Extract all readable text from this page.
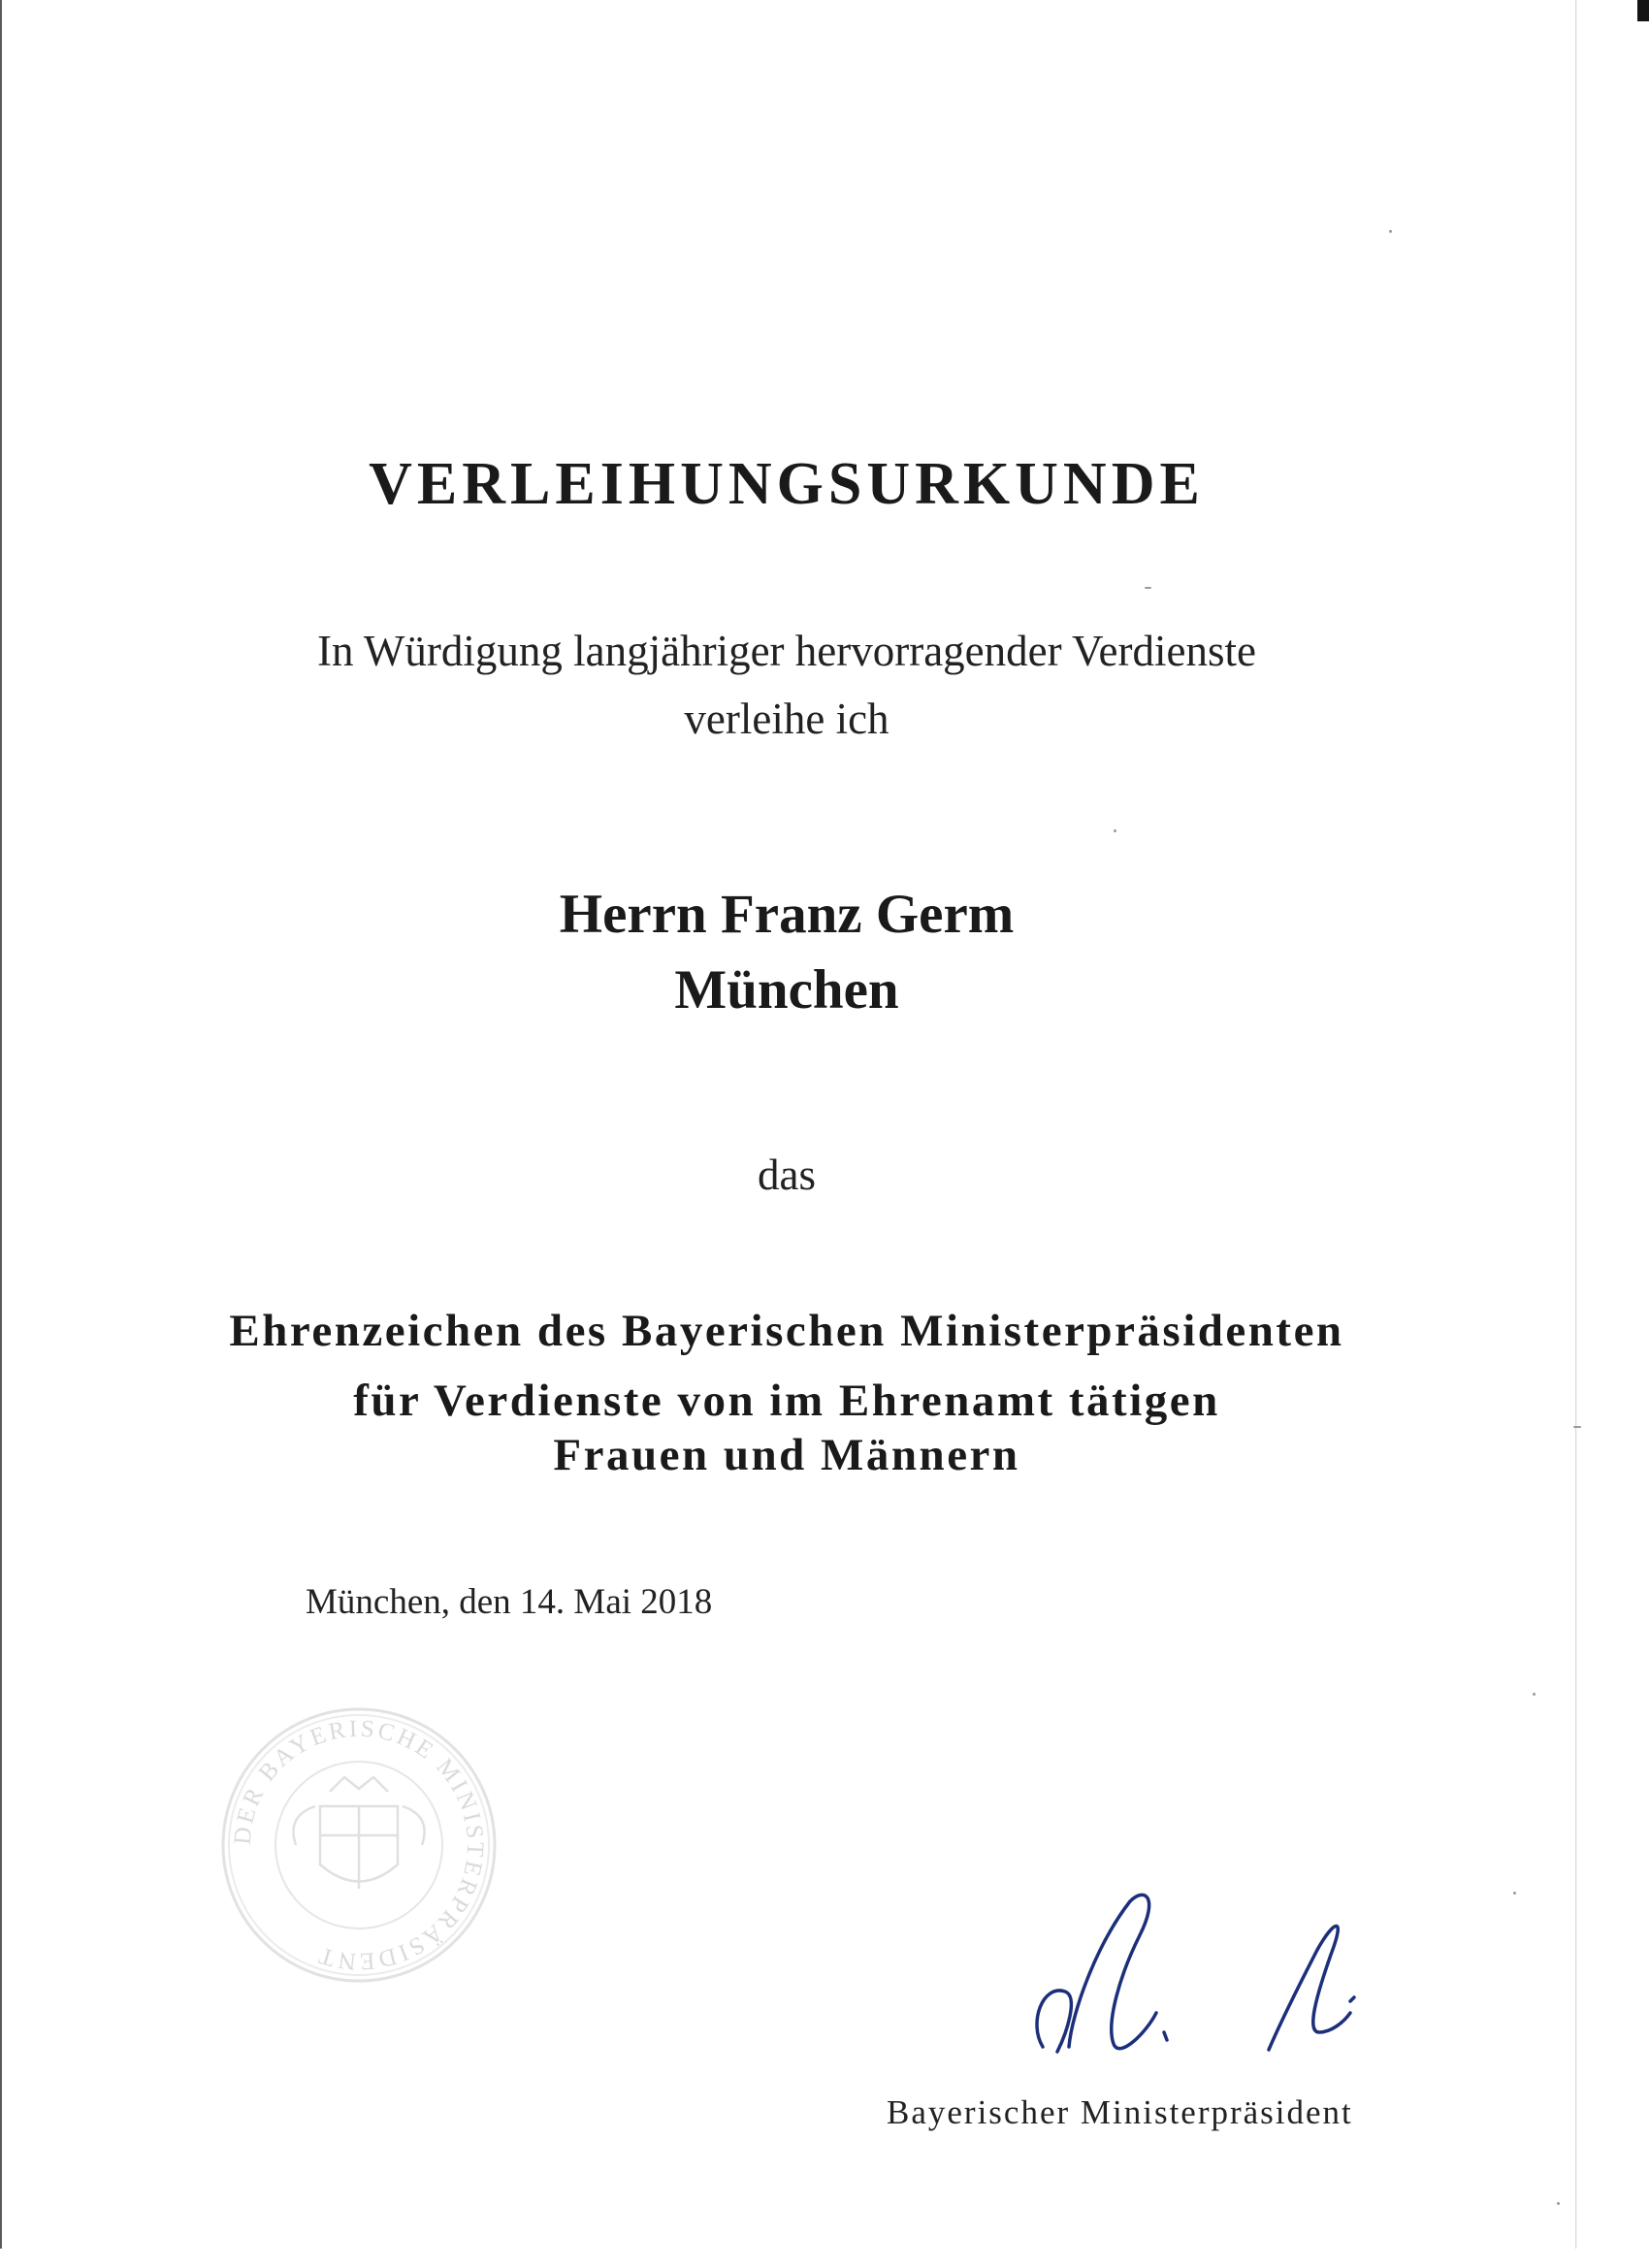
VERLEIHUNGSURKUNDE
In Würdigung langjähriger hervorragender Verdienste
verleihe ich
Herrn Franz Germ
München
das
Ehrenzeichen des Bayerischen Ministerpräsidenten
für Verdienste von im Ehrenamt tätigen
Frauen und Männern
München, den 14. Mai 2018
DER BAYERISCHE MINISTERPRÄSIDENT
Bayerischer Ministerpräsident
